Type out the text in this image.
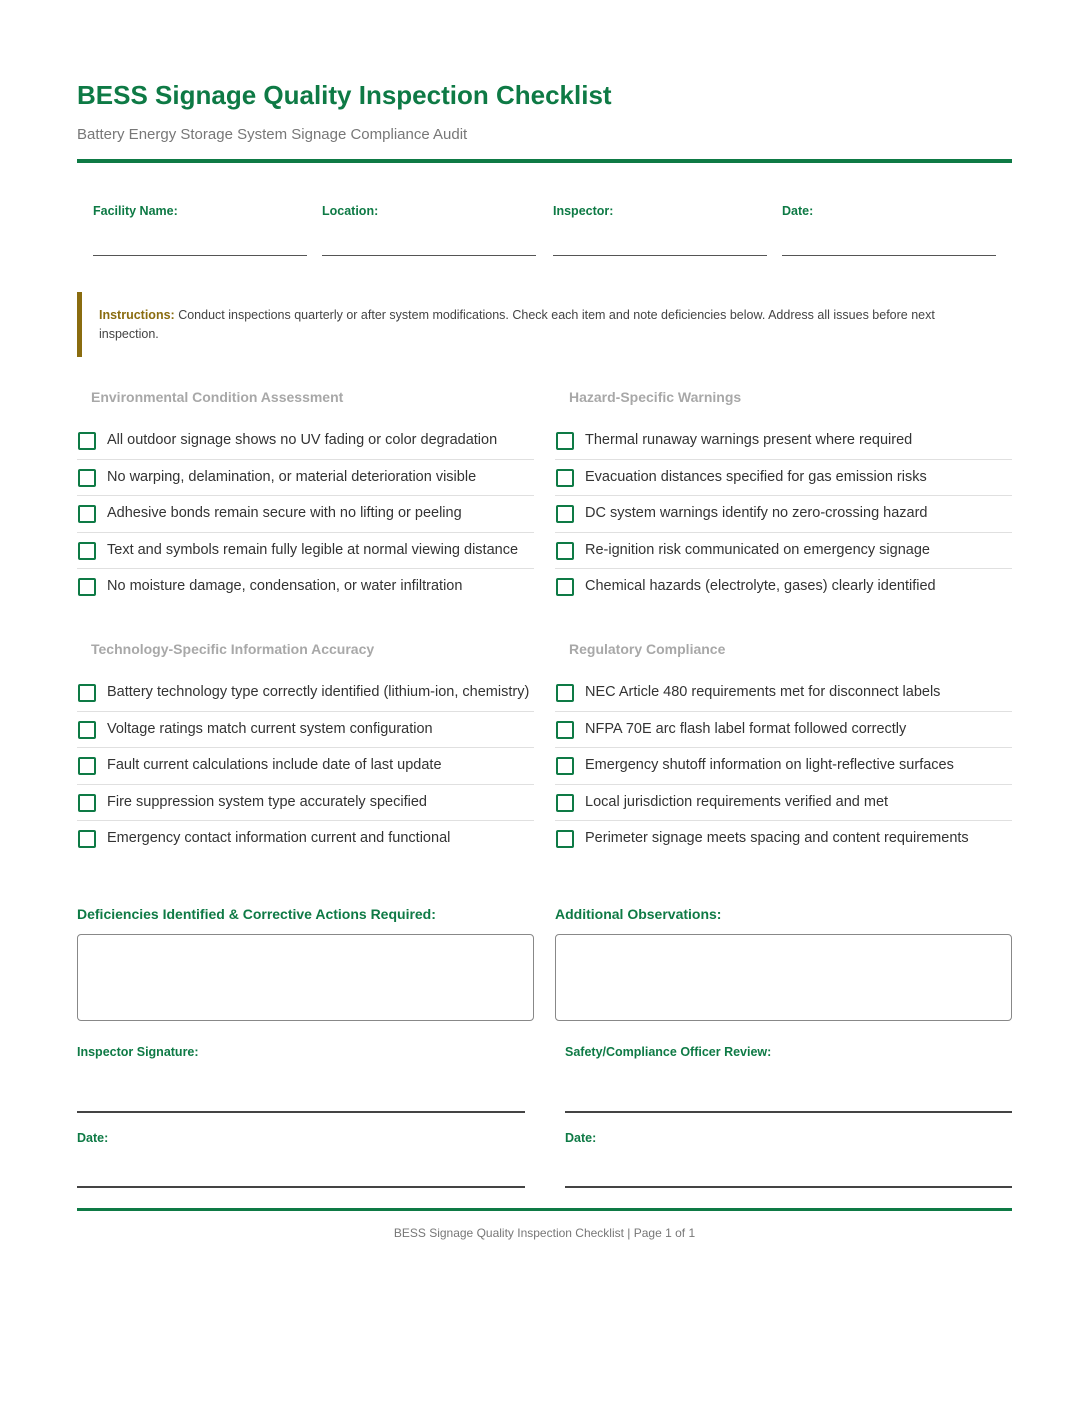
BESS Signage Quality Inspection Checklist
Battery Energy Storage System Signage Compliance Audit
Facility Name:	Location:	Inspector:	Date:
Instructions: Conduct inspections quarterly or after system modifications. Check each item and note deficiencies below. Address all issues before next inspection.
Environmental Condition Assessment
All outdoor signage shows no UV fading or color degradation
No warping, delamination, or material deterioration visible
Adhesive bonds remain secure with no lifting or peeling
Text and symbols remain fully legible at normal viewing distance
No moisture damage, condensation, or water infiltration
Hazard-Specific Warnings
Thermal runaway warnings present where required
Evacuation distances specified for gas emission risks
DC system warnings identify no zero-crossing hazard
Re-ignition risk communicated on emergency signage
Chemical hazards (electrolyte, gases) clearly identified
Technology-Specific Information Accuracy
Battery technology type correctly identified (lithium-ion, chemistry)
Voltage ratings match current system configuration
Fault current calculations include date of last update
Fire suppression system type accurately specified
Emergency contact information current and functional
Regulatory Compliance
NEC Article 480 requirements met for disconnect labels
NFPA 70E arc flash label format followed correctly
Emergency shutoff information on light-reflective surfaces
Local jurisdiction requirements verified and met
Perimeter signage meets spacing and content requirements
Deficiencies Identified & Corrective Actions Required:	Additional Observations:
Inspector Signature:	Safety/Compliance Officer Review:
Date:	Date:
BESS Signage Quality Inspection Checklist | Page 1 of 1
